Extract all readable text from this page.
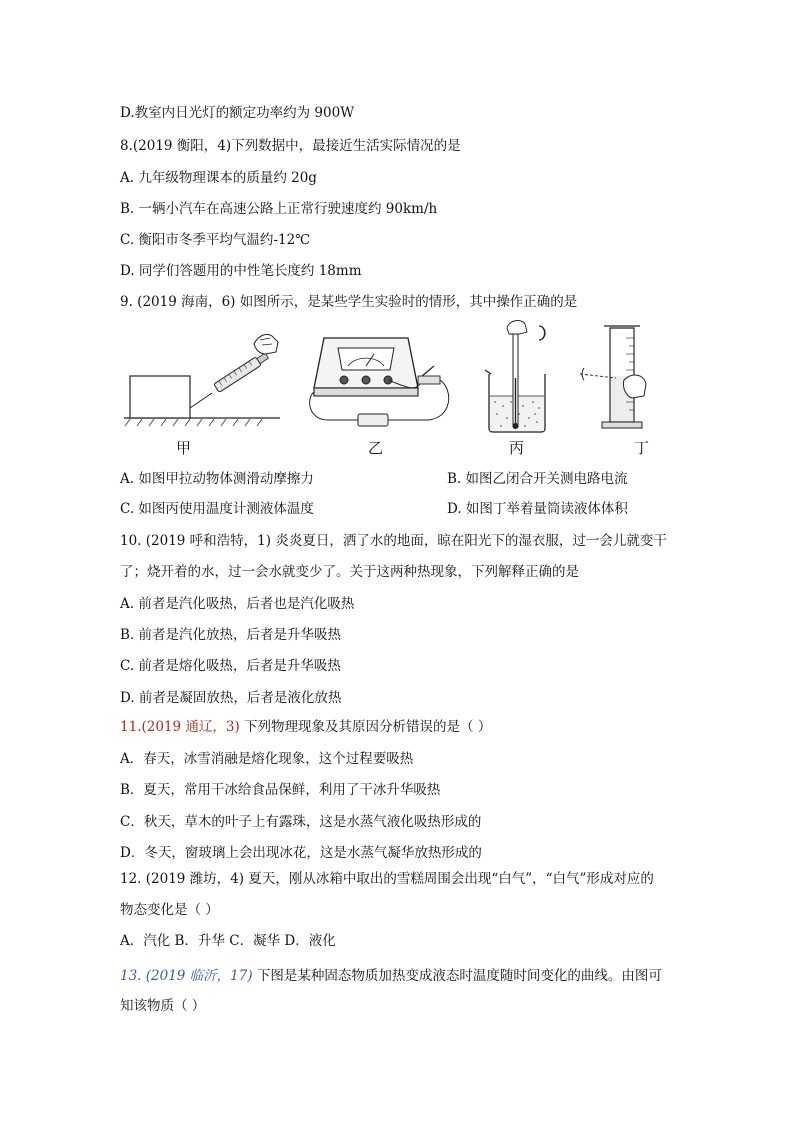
D.教室内日光灯的额定功率约为 900W
8.(2019 衡阳，4)下列数据中，最接近生活实际情况的是
A. 九年级物理课本的质量约 20g
B. 一辆小汽车在高速公路上正常行驶速度约 90km/h
C. 衡阳市冬季平均气温约-12℃
D. 同学们答题用的中性笔长度约 18mm
9. (2019 海南，6) 如图所示，是某些学生实验时的情形，其中操作正确的是
甲	乙	丙	丁
A. 如图甲拉动物体测滑动摩擦力	B. 如图乙闭合开关测电路电流
C. 如图丙使用温度计测液体温度	D. 如图丁举着量筒读液体体积
10. (2019 呼和浩特，1) 炎炎夏日，洒了水的地面，晾在阳光下的湿衣服，过一会儿就变干
了；烧开着的水，过一会水就变少了。关于这两种热现象，下列解释正确的是
A. 前者是汽化吸热，后者也是汽化吸热
B. 前者是汽化放热，后者是升华吸热
C. 前者是熔化吸热，后者是升华吸热
D. 前者是凝固放热，后者是液化放热
11.(2019 通辽，3) 下列物理现象及其原因分析错误的是（ ）
A．春天，冰雪消融是熔化现象，这个过程要吸热
B．夏天，常用干冰给食品保鲜，利用了干冰升华吸热
C．秋天，草木的叶子上有露珠，这是水蒸气液化吸热形成的
D．冬天，窗玻璃上会出现冰花，这是水蒸气凝华放热形成的
12. (2019 潍坊，4) 夏天，刚从冰箱中取出的雪糕周围会出现“白气”，“白气”形成对应的
物态变化是（ ）
A．汽化 B．升华 C．凝华 D．液化
13. (2019 临沂，17) 下图是某种固态物质加热变成液态时温度随时间变化的曲线。由图可
知该物质（ ）
